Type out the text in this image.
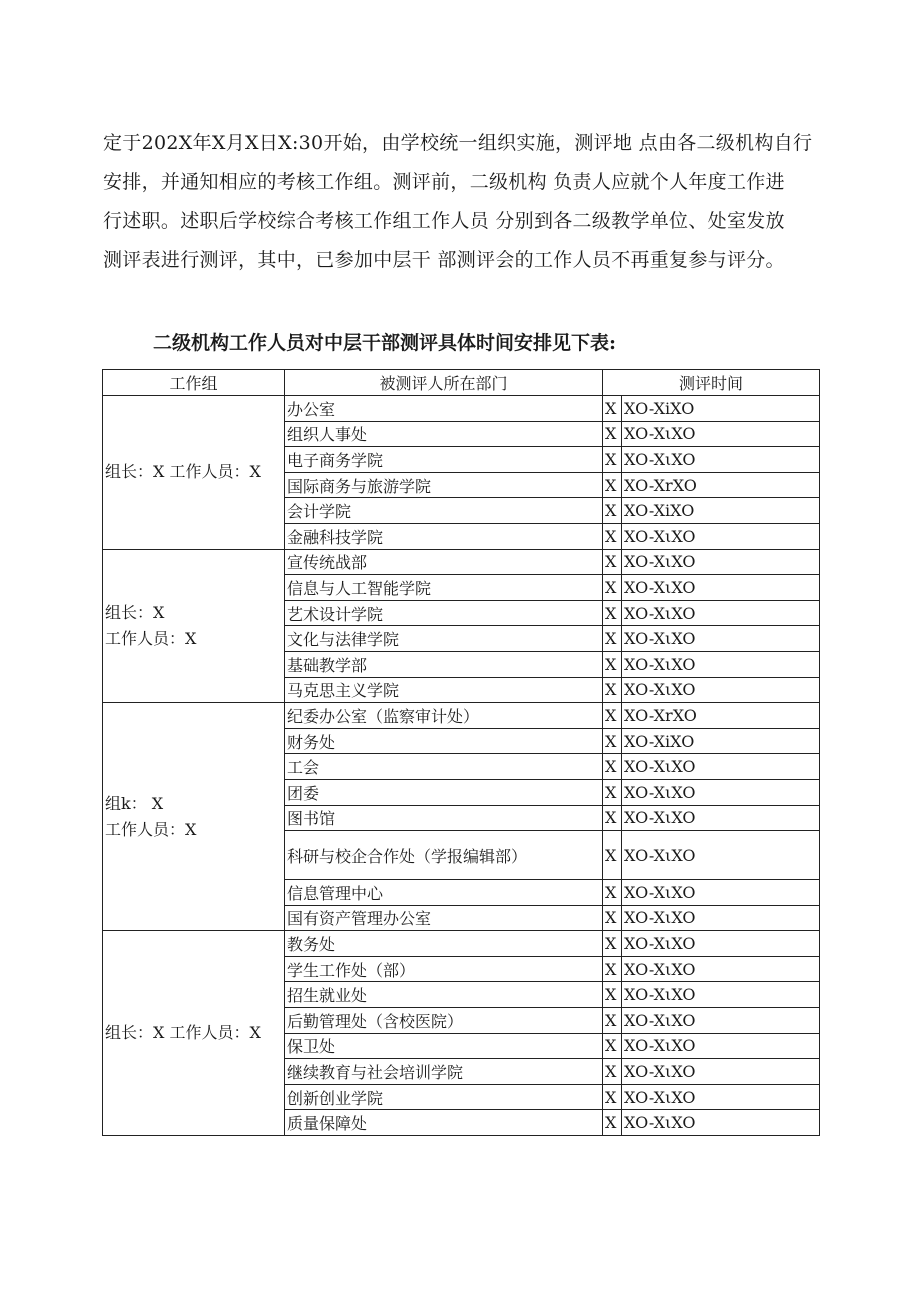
定于202X年X月X日X:30开始，由学校统一组织实施，测评地 点由各二级机构自行

安排，并通知相应的考核工作组。测评前，二级机构 负责人应就个人年度工作进

行述职。述职后学校综合考核工作组工作人员 分别到各二级教学单位、处室发放

测评表进行测评，其中，已参加中层干 部测评会的工作人员不再重复参与评分。

二级机构工作人员对中层干部测评具体时间安排见下表:
工作组	被测评人所在部门	测评时间	

组长：X 工作人员：X	办公室	X	XO-XiXO
	组织人事处	X	XO-XιXO
	电子商务学院	X	XO-XιXO
	国际商务与旅游学院	X	XO-XrXO
	会计学院	X	XO-XiXO
	金融科技学院	X	XO-XιXO

组长：X
工作人员：X	宣传统战部	X	XO-XιXO
	信息与人工智能学院	X	XO-XιXO
	艺术设计学院	X	XO-XιXO
	文化与法律学院	X	XO-XιXO
	基础教学部	X	XO-XιXO
	马克思主义学院	X	XO-XιXO

组k： X
工作人员：X	纪委办公室（监察审计处）	X	XO-XrXO
	财务处	X	XO-XiXO
	工会	X	XO-XιXO
	团委	X	XO-XιXO
	图书馆	X	XO-XιXO
	科研与校企合作处（学报编辑部）	X	XO-XιXO
	信息管理中心	X	XO-XιXO
	国有资产管理办公室	X	XO-XιXO

组长：X 工作人员：X	教务处	X	XO-XιXO
	学生工作处（部）	X	XO-XιXO
	招生就业处	X	XO-XιXO
	后勤管理处（含校医院）	X	XO-XιXO
	保卫处	X	XO-XιXO
	继续教育与社会培训学院	X	XO-XιXO
	创新创业学院	X	XO-XιXO
	质量保障处	X	XO-XιXO
